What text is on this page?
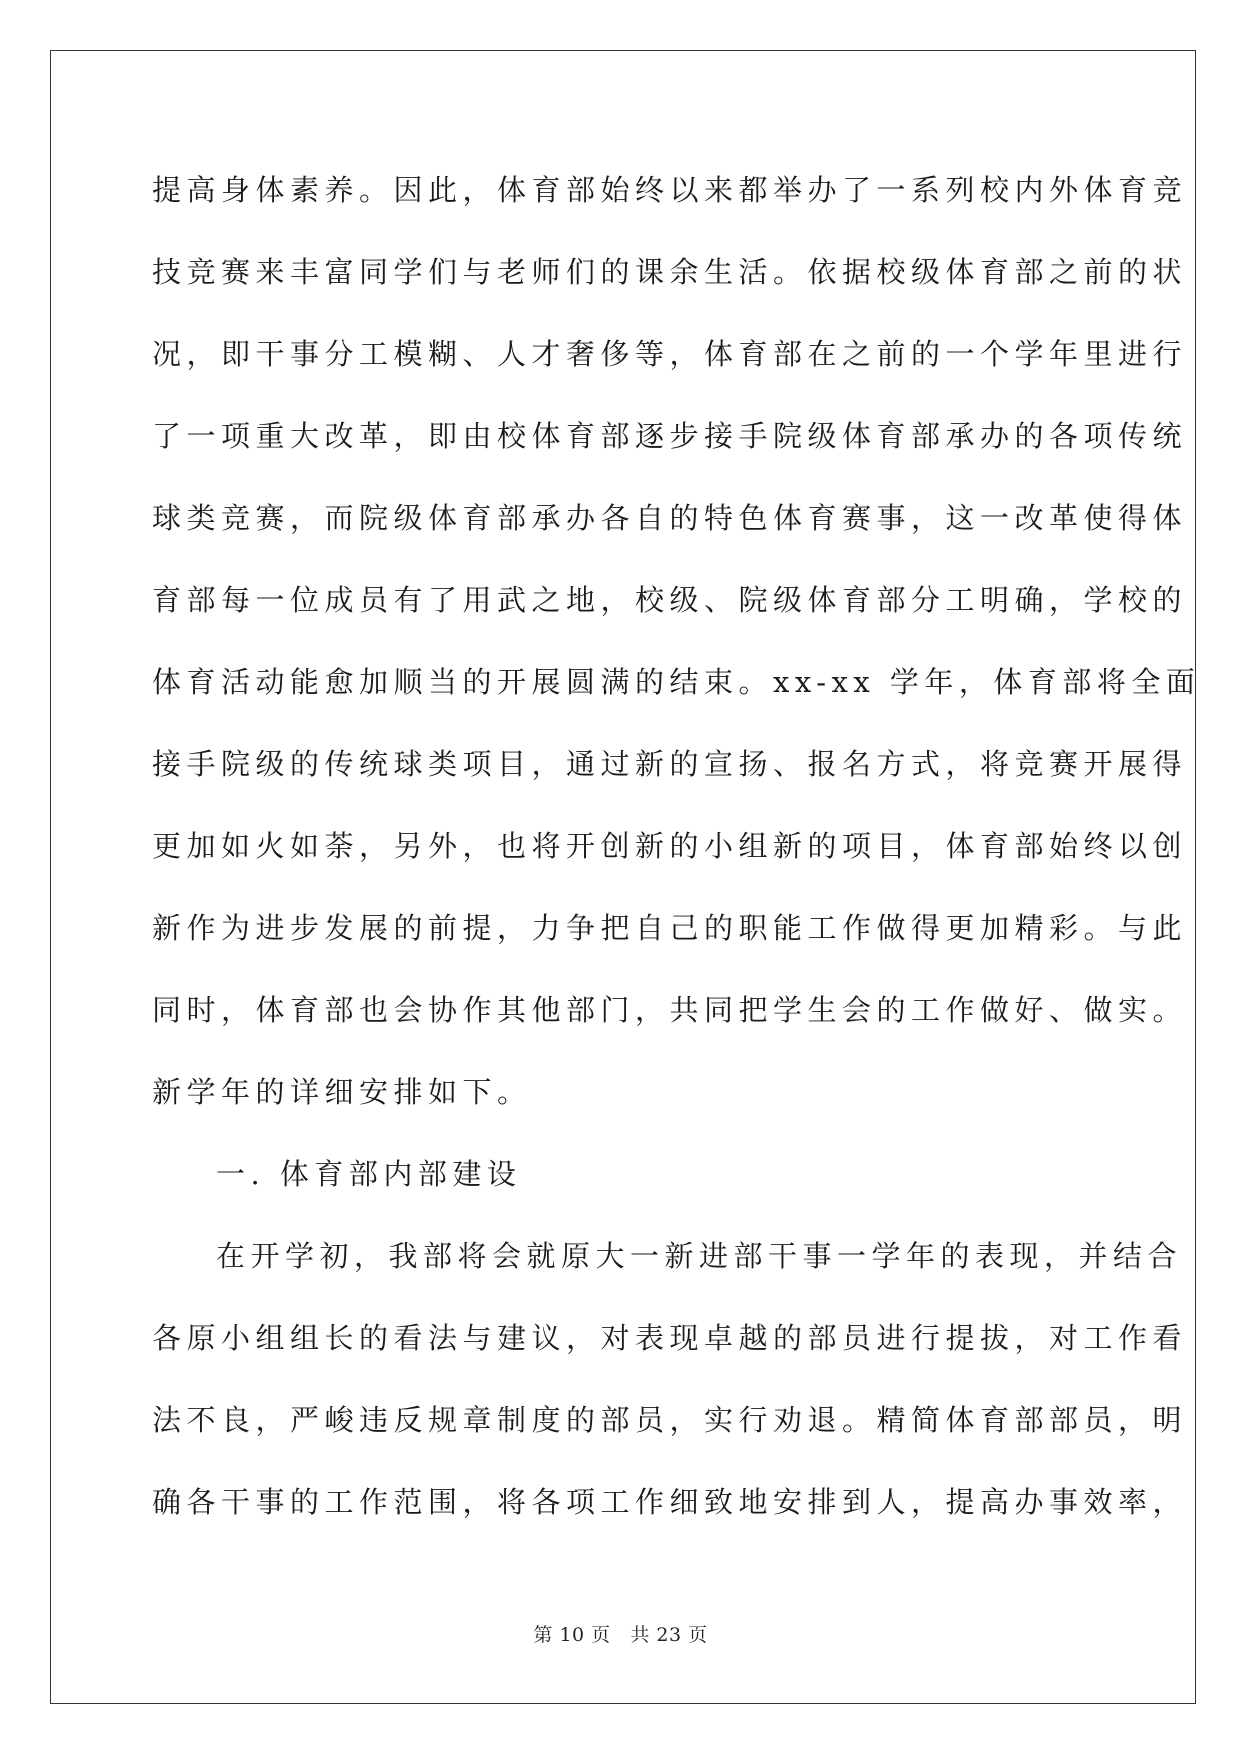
提高身体素养。因此，体育部始终以来都举办了一系列校内外体育竞

技竞赛来丰富同学们与老师们的课余生活。依据校级体育部之前的状

况，即干事分工模糊、人才奢侈等，体育部在之前的一个学年里进行

了一项重大改革，即由校体育部逐步接手院级体育部承办的各项传统

球类竞赛，而院级体育部承办各自的特色体育赛事，这一改革使得体

育部每一位成员有了用武之地，校级、院级体育部分工明确，学校的

体育活动能愈加顺当的开展圆满的结束。xx-xx 学年，体育部将全面

接手院级的传统球类项目，通过新的宣扬、报名方式，将竞赛开展得

更加如火如荼，另外，也将开创新的小组新的项目，体育部始终以创

新作为进步发展的前提，力争把自己的职能工作做得更加精彩。与此

同时，体育部也会协作其他部门，共同把学生会的工作做好、做实。

新学年的详细安排如下。

一. 体育部内部建设

在开学初，我部将会就原大一新进部干事一学年的表现，并结合

各原小组组长的看法与建议，对表现卓越的部员进行提拔，对工作看

法不良，严峻违反规章制度的部员，实行劝退。精简体育部部员，明

确各干事的工作范围，将各项工作细致地安排到人，提高办事效率，

第 10 页 共 23 页
